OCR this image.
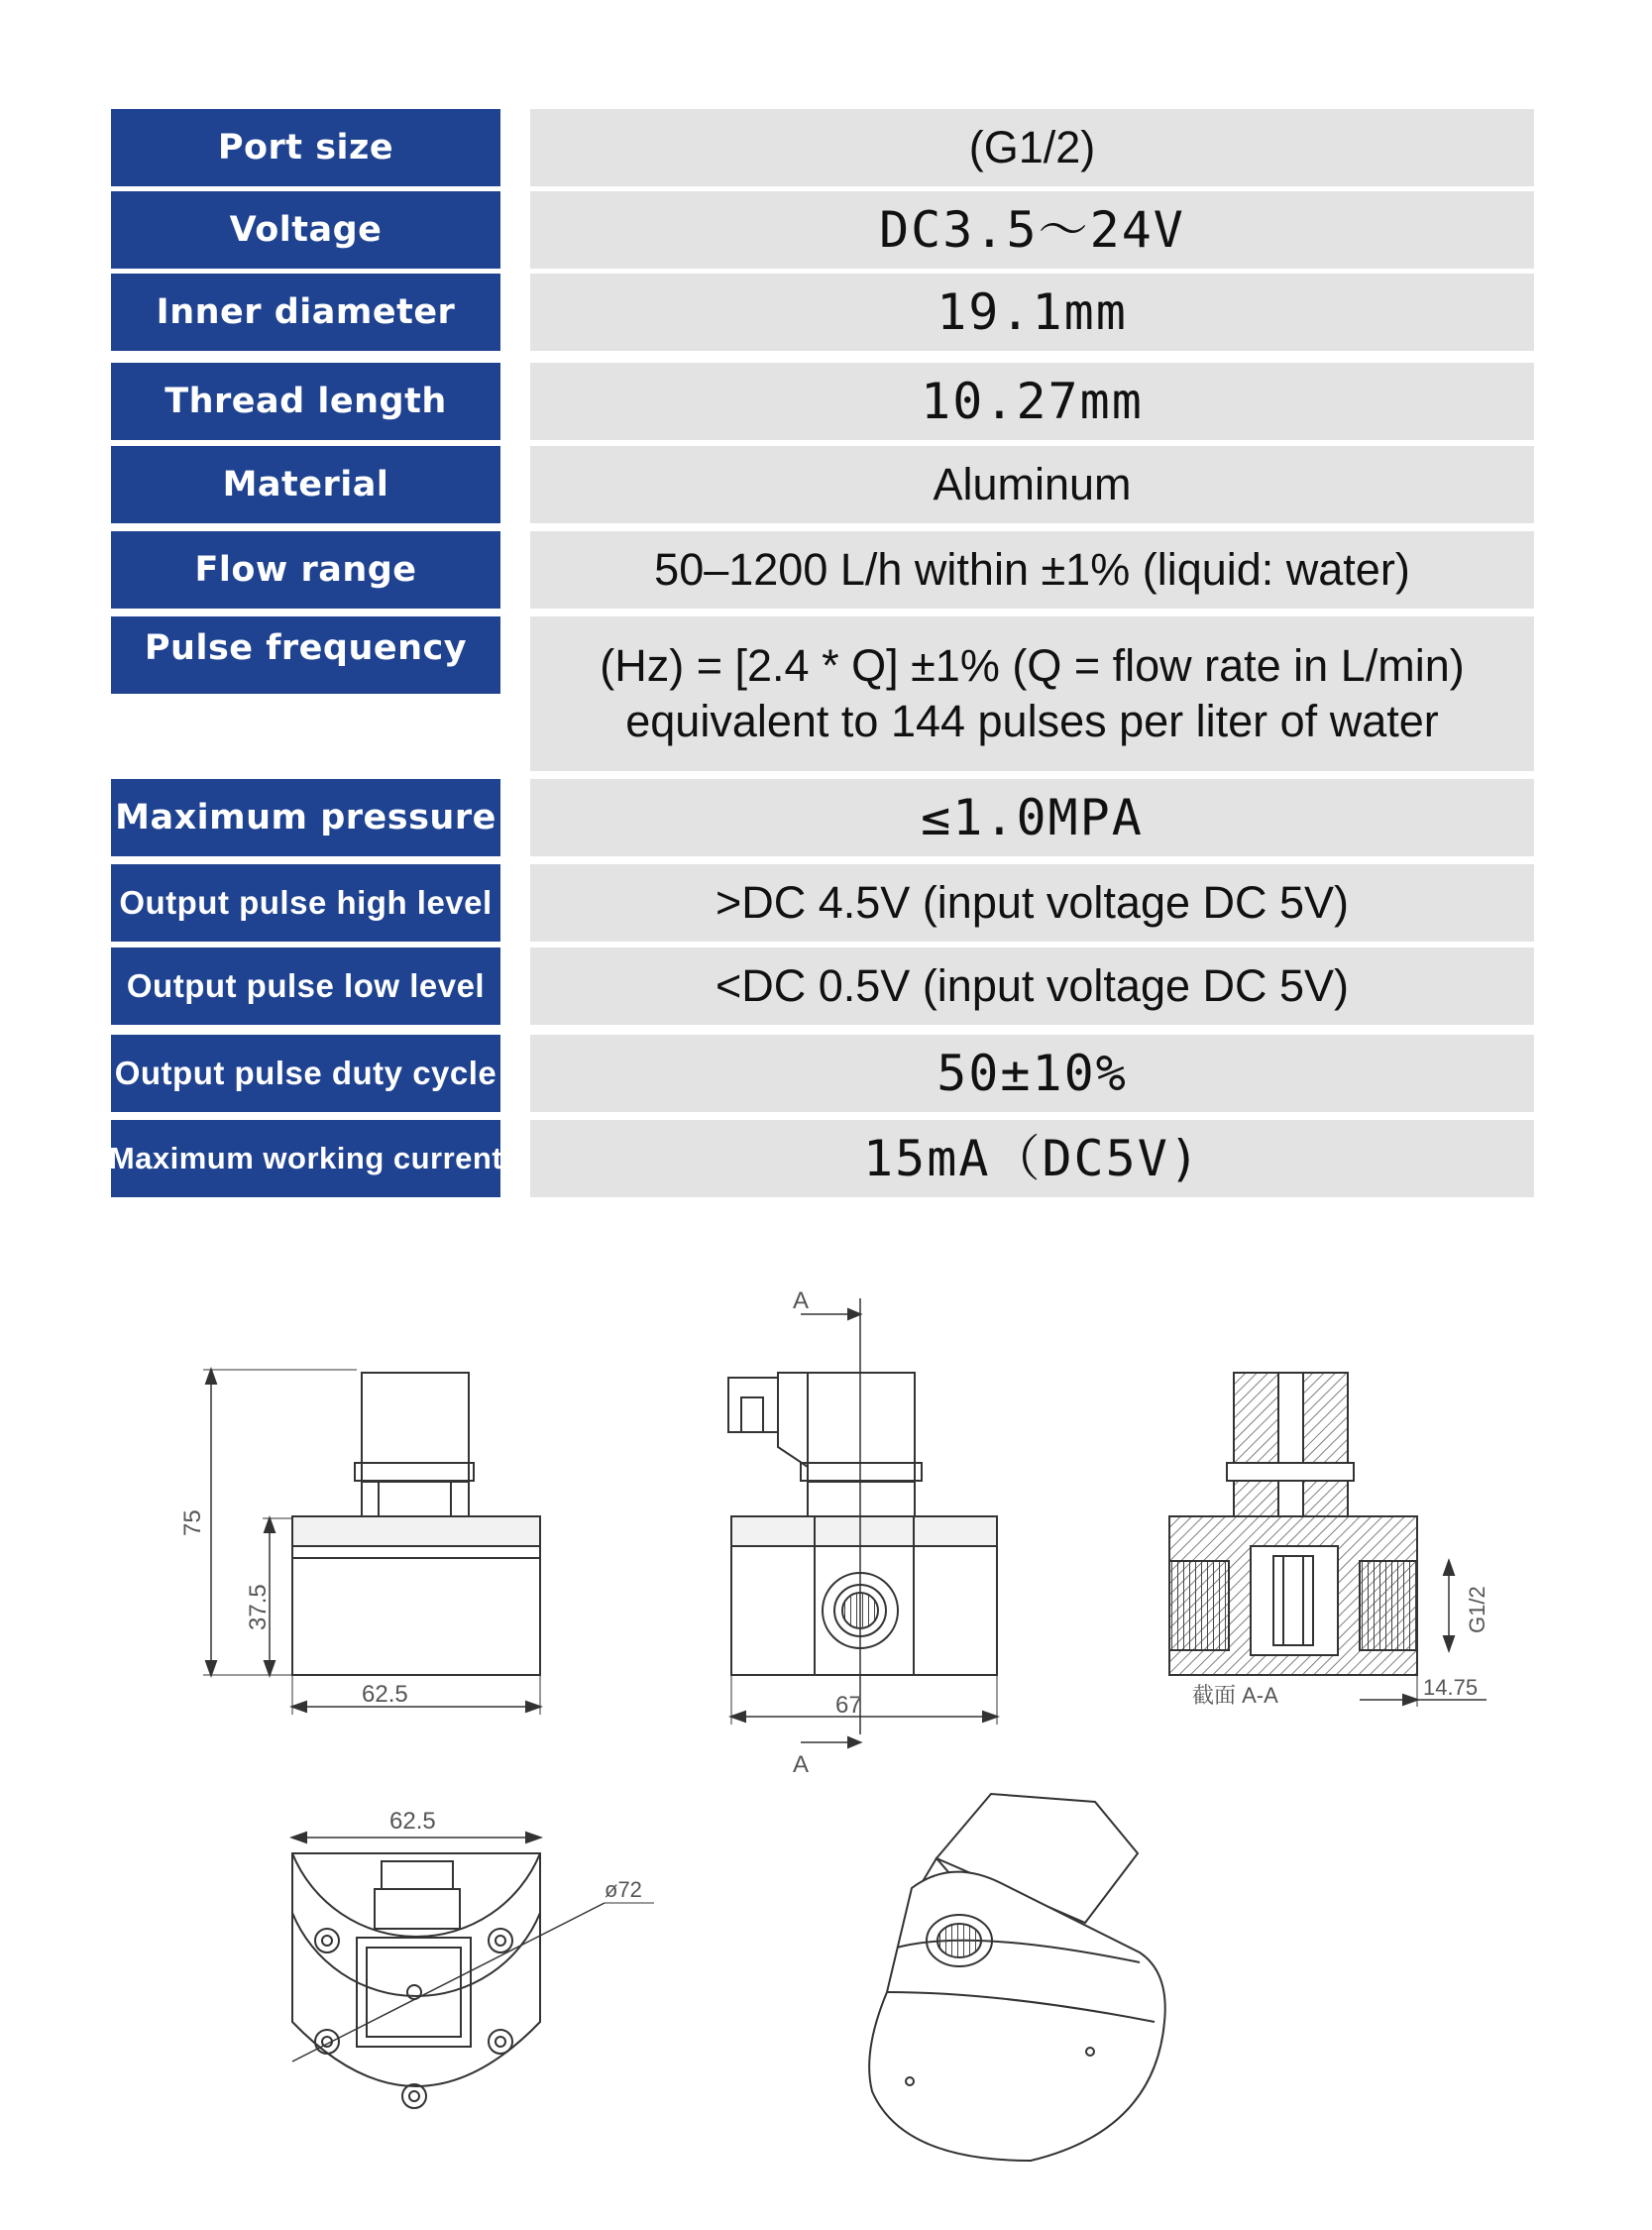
Port size	(G1/2)
Voltage	DC3.5～24V
Inner diameter	19.1mm
Thread length	10.27mm
Material	Aluminum
Flow range	50–1200 L/h within ±1% (liquid: water)
Pulse frequency	(Hz) = [2.4 * Q] ±1% (Q = flow rate in L/min)
equivalent to 144 pulses per liter of water
Maximum pressure	≤1.0MPA
Output pulse high level	>DC 4.5V (input voltage DC 5V)
Output pulse low level	<DC 0.5V (input voltage DC 5V)
Output pulse duty cycle	50±10%
Maximum working current	15mA（DC5V)
75
37.5
62.5
A
A
67	截面 A-A
G1/2
14.75
62.5
ø72
